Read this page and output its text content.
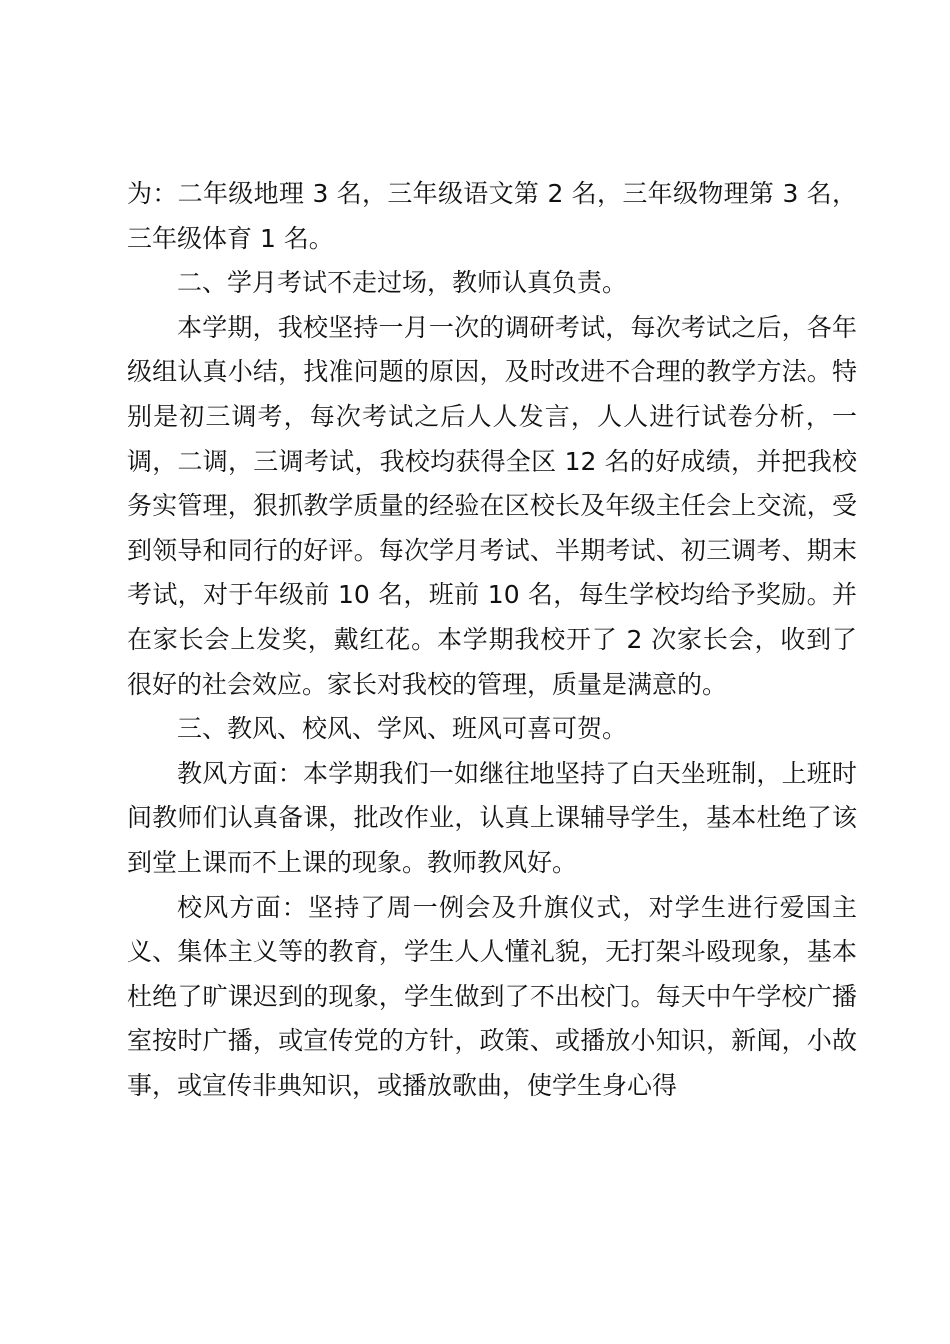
为：二年级地理 3 名，三年级语文第 2 名，三年级物理第 3 名，三年级体育 1 名。

二、学月考试不走过场，教师认真负责。

本学期，我校坚持一月一次的调研考试，每次考试之后，各年级组认真小结，找准问题的原因，及时改进不合理的教学方法。特别是初三调考，每次考试之后人人发言，人人进行试卷分析，一调，二调，三调考试，我校均获得全区 12 名的好成绩，并把我校务实管理，狠抓教学质量的经验在区校长及年级主任会上交流，受到领导和同行的好评。每次学月考试、半期考试、初三调考、期末考试，对于年级前 10 名，班前 10 名，每生学校均给予奖励。并在家长会上发奖，戴红花。本学期我校开了 2 次家长会，收到了很好的社会效应。家长对我校的管理，质量是满意的。

三、教风、校风、学风、班风可喜可贺。

教风方面：本学期我们一如继往地坚持了白天坐班制，上班时间教师们认真备课，批改作业，认真上课辅导学生，基本杜绝了该到堂上课而不上课的现象。教师教风好。

校风方面：坚持了周一例会及升旗仪式，对学生进行爱国主义、集体主义等的教育，学生人人懂礼貌，无打架斗殴现象，基本杜绝了旷课迟到的现象，学生做到了不出校门。每天中午学校广播室按时广播，或宣传党的方针，政策、或播放小知识，新闻，小故事，或宣传非典知识，或播放歌曲，使学生身心得
